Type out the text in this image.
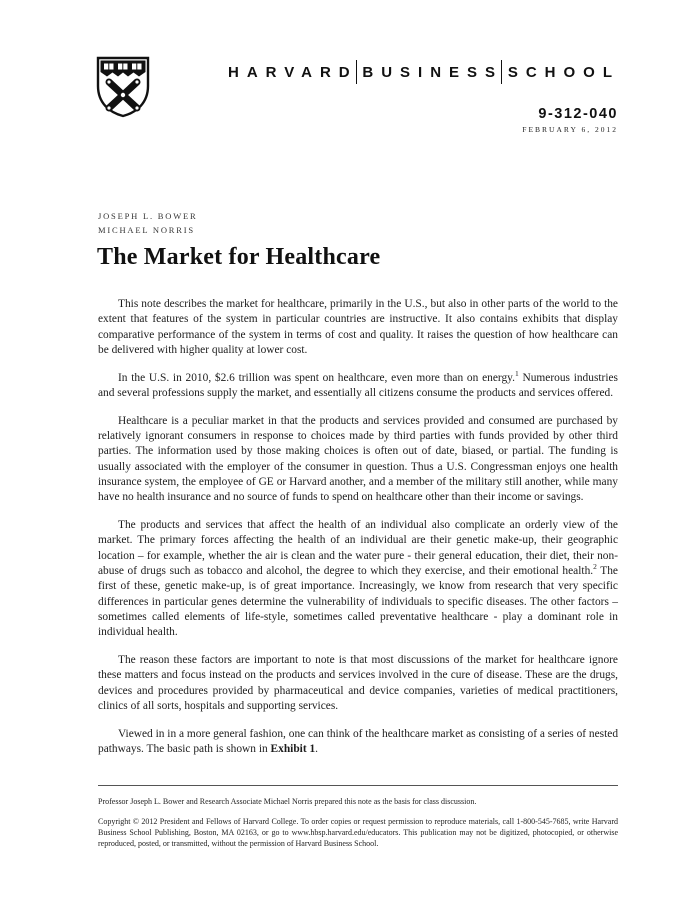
HARVARD BUSINESS SCHOOL
9-312-040
FEBRUARY 6, 2012
JOSEPH L. BOWER
MICHAEL NORRIS
The Market for Healthcare

This note describes the market for healthcare, primarily in the U.S., but also in other parts of the world to the extent that features of the system in particular countries are instructive. It also contains exhibits that display comparative performance of the system in terms of cost and quality. It raises the question of how healthcare can be delivered with higher quality at lower cost.

In the U.S. in 2010, $2.6 trillion was spent on healthcare, even more than on energy.$^1$ Numerous industries and several professions supply the market, and essentially all citizens consume the products and services offered.

Healthcare is a peculiar market in that the products and services provided and consumed are purchased by relatively ignorant consumers in response to choices made by third parties with funds provided by other third parties. The information used by those making choices is often out of date, biased, or partial. The funding is usually associated with the employer of the consumer in question. Thus a U.S. Congressman enjoys one health insurance system, the employee of GE or Harvard another, and a member of the military still another, while many have no health insurance and no source of funds to spend on healthcare other than their income or savings.

The products and services that affect the health of an individual also complicate an orderly view of the market. The primary forces affecting the health of an individual are their genetic make-up, their geographic location – for example, whether the air is clean and the water pure - their general education, their diet, their non-abuse of drugs such as tobacco and alcohol, the degree to which they exercise, and their emotional health.$^2$ The first of these, genetic make-up, is of great importance. Increasingly, we know from research that very specific differences in particular genes determine the vulnerability of individuals to specific diseases. The other factors – sometimes called elements of life-style, sometimes called preventative healthcare - play a dominant role in individual health.

The reason these factors are important to note is that most discussions of the market for healthcare ignore these matters and focus instead on the products and services involved in the cure of disease. These are the drugs, devices and procedures provided by pharmaceutical and device companies, varieties of medical practitioners, clinics of all sorts, hospitals and supporting services.

Viewed in in a more general fashion, one can think of the healthcare market as consisting of a series of nested pathways. The basic path is shown in Exhibit 1.

Professor Joseph L. Bower and Research Associate Michael Norris prepared this note as the basis for class discussion.

Copyright © 2012 President and Fellows of Harvard College. To order copies or request permission to reproduce materials, call 1-800-545-7685, write Harvard Business School Publishing, Boston, MA 02163, or go to www.hbsp.harvard.edu/educators. This publication may not be digitized, photocopied, or otherwise reproduced, posted, or transmitted, without the permission of Harvard Business School.
